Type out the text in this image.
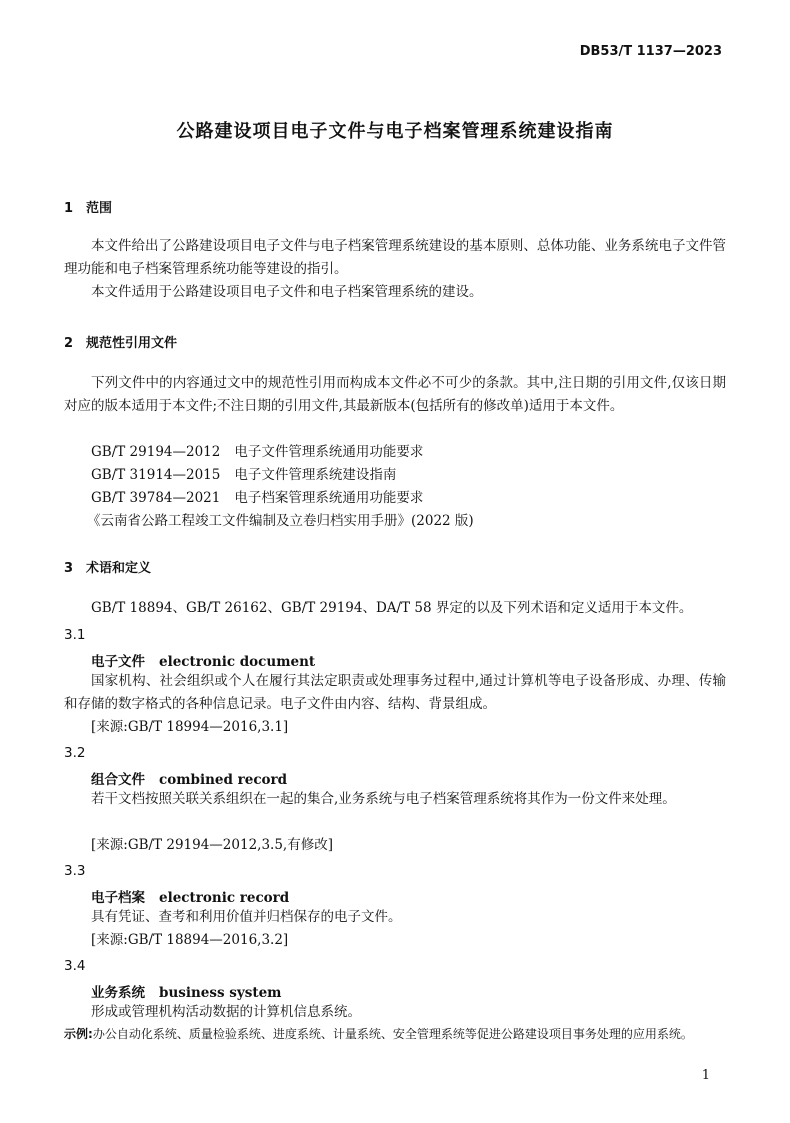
DB53/T 1137—2023
公路建设项目电子文件与电子档案管理系统建设指南
1 范围
本文件给出了公路建设项目电子文件与电子档案管理系统建设的基本原则、总体功能、业务系统电子文件管理功能和电子档案管理系统功能等建设的指引。
本文件适用于公路建设项目电子文件和电子档案管理系统的建设。
2 规范性引用文件
下列文件中的内容通过文中的规范性引用而构成本文件必不可少的条款。其中,注日期的引用文件,仅该日期对应的版本适用于本文件;不注日期的引用文件,其最新版本(包括所有的修改单)适用于本文件。
GB/T 29194—2012 电子文件管理系统通用功能要求
GB/T 31914—2015 电子文件管理系统建设指南
GB/T 39784—2021 电子档案管理系统通用功能要求
《云南省公路工程竣工文件编制及立卷归档实用手册》(2022 版)
3 术语和定义
GB/T 18894、GB/T 26162、GB/T 29194、DA/T 58 界定的以及下列术语和定义适用于本文件。
3.1
电子文件 electronic document
国家机构、社会组织或个人在履行其法定职责或处理事务过程中,通过计算机等电子设备形成、办理、传输和存储的数字格式的各种信息记录。电子文件由内容、结构、背景组成。
[来源:GB/T 18994—2016,3.1]
3.2
组合文件 combined record
若干文档按照关联关系组织在一起的集合,业务系统与电子档案管理系统将其作为一份文件来处理。
[来源:GB/T 29194—2012,3.5,有修改]
3.3
电子档案 electronic record
具有凭证、查考和利用价值并归档保存的电子文件。
[来源:GB/T 18894—2016,3.2]
3.4
业务系统 business system
形成或管理机构活动数据的计算机信息系统。
示例:办公自动化系统、质量检验系统、进度系统、计量系统、安全管理系统等促进公路建设项目事务处理的应用系统。
1
